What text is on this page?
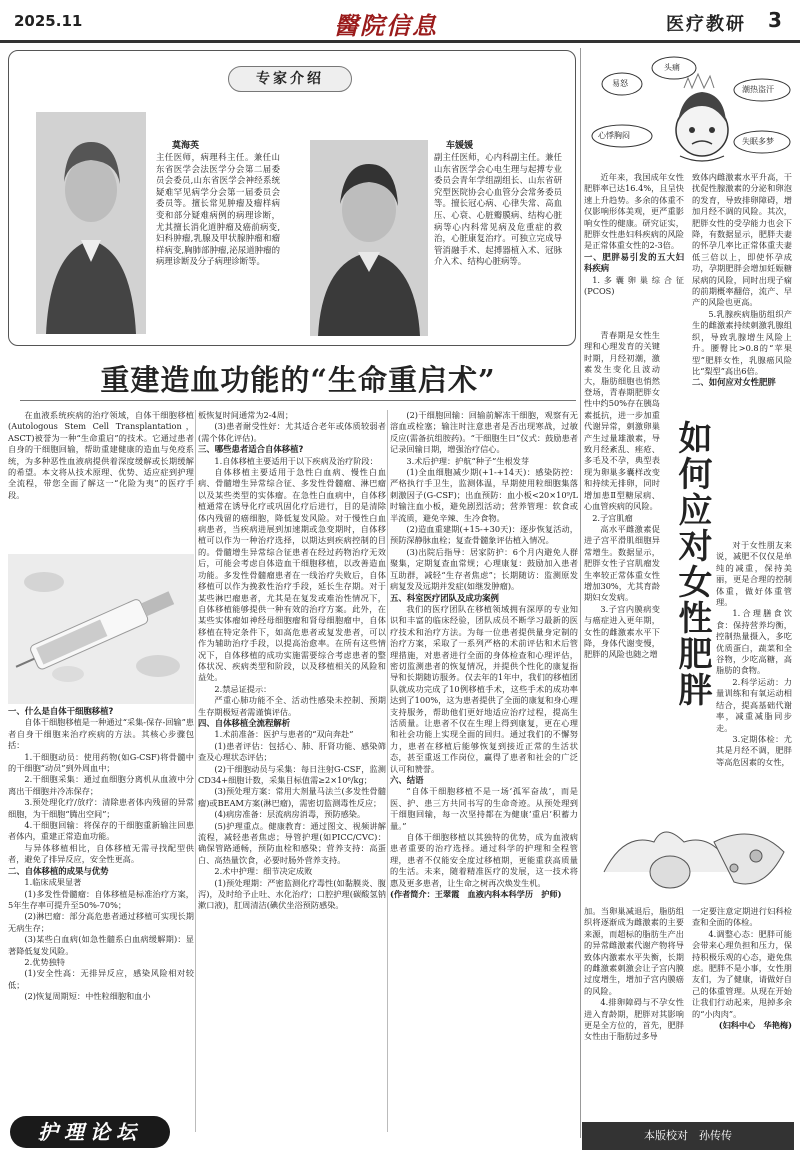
2025.11	醫院信息	医疗教研 3
专家介绍
莫海英
主任医师，病理科主任。兼任山东省医学会法医学分会第二届委员会委员,山东省医学会神经系统疑难罕见病学分会第一届委员会委员等。擅长常见肿瘤及瘤样病变和部分疑难病例的病理诊断，尤其擅长消化道肿瘤及癌前病变,妇科肿瘤,乳腺及甲状腺肿瘤和瘤样病变,胸肺部肿瘤,泌尿道肿瘤的病理诊断及分子病理诊断等。
车媛媛
副主任医师，心内科副主任。兼任山东省医学会心电生理与起搏专业委员会青年学组副组长、山东省研究型医院协会心血管分会常务委员等。擅长冠心病、心律失常、高血压、心衰、心脏瓣膜病、结构心脏病等心内科常见病及危重症的救治，心脏康复治疗。可独立完成导管消融手术、起搏器植入术、冠脉介入术、结构心脏病等。
头痛
易怒
潮热盗汗
心悸胸闷
失眠多梦

近年来，我国成年女性肥胖率已达16.4%，且呈快速上升趋势。多余的体重不仅影响形体美观，更严重影响女性的健康。研究证实，肥胖女性患妇科疾病的风险是正常体重女性的2-3倍。

一、肥胖易引发的五大妇科疾病
1.多囊卵巢综合征(PCOS)

青春期是女性生理和心理发育的关键时期，月经初潮，激素发生变化且波动大，脂肪细胞也悄然登场，青春期肥胖女性中约50%存在胰岛素抵抗，进一步加重代谢异常，刺激卵巢产生过量雄激素，导致月经紊乱、痤疮、多毛及不孕，典型表现为卵巢多囊样改变和持续无排卵，同时增加患Ⅱ型糖尿病、心血管疾病的风险。

2.子宫肌瘤

高水平雌激素促进子宫平滑肌细胞异常增生。数据显示，肥胖女性子宫肌瘤发生率较正常体重女性增加30%，尤其育龄期妇女发病。

3.子宫内膜病变与癌症进入更年期，女性的雌激素水平下降，身体代谢变慢，肥胖的风险也随之增

致体内雌激素水平升高，干扰促性腺激素的分泌和卵泡的发育，导致排卵障碍，增加月经不调的风险。其次，肥胖女性的受孕能力也会下降，有数据显示，肥胖夫妻的怀孕几率比正常体重夫妻低三倍以上，即使怀孕成功，孕期肥胖会增加妊娠糖尿病的风险，同时出现子痫的前期概率翻倍，流产、早产的风险也更高。

5.乳腺疾病脂肪组织产生的雌激素持续刺激乳腺组织，导致乳腺增生风险上升。腰臀比>0.8的“苹果型”肥胖女性，乳腺癌风险比“梨型”高出6倍。

二、如何应对女性肥胖

对于女性朋友来说，减肥不仅仅是单纯的减重，保持美丽，更是合理的控制体重，做好体重管理。

1.合理膳食饮食：保持营养均衡，控制热量摄入，多吃优质蛋白，蔬菜和全谷物，少吃高糖，高脂肪的食物。

2.科学运动：力量训练和有氧运动相结合，提高基础代谢率，减重减脂同步走。

3.定期体检：尤其是月经不调，肥胖等高危因素的女性，

如何应对女性肥胖

加。当卵巢减退后，脂肪组织将逐渐成为雌激素的主要来源，而超标的脂肪生产出的异常雌激素代谢产物将导致体内激素水平失衡，长期的雌激素刺激会让子宫内膜过度增生，增加子宫内膜癌的风险。

4.排卵障碍与不孕女性进入育龄期，肥胖对其影响更是全方位的，首先，肥胖女性由于脂肪过多导

一定要注意定期进行妇科检查和全面的体检。

4.调整心态：肥胖可能会带来心理负担和压力，保持积极乐观的心态，避免焦虑。肥胖不是小事，女性朋友们，为了健康，请做好自己的体重管理。从现在开始让我们行动起来，甩掉多余的“小肉肉”。

(妇科中心　华艳梅)
重建造血功能的“生命重启术”

在血液系统疾病的治疗领域，自体干细胞移植(Autologous Stem Cell Transplantation，ASCT)被誉为一种“生命重启”的技术。它通过患者自身的干细胞回输，帮助重建健康的造血与免疫系统，为多种恶性血液病提供着深度缓解或长期缓解的希望。本文将从技术原理、优势、适应症到护理全流程，带您全面了解这一“化险为夷”的医疗手段。

一、什么是自体干细胞移植?

自体干细胞移植是一种通过“采集-保存-回输”患者自身干细胞来治疗疾病的方法。其核心步骤包括：

1.干细胞动员：使用药物(如G-CSF)将骨髓中的干细胞“动员”到外周血中；

2.干细胞采集：通过血细胞分离机从血液中分离出干细胞并冷冻保存；

3.预处理化疗/放疗：清除患者体内残留的异常细胞，为干细胞“腾出空间”；

4.干细胞回输：将保存的干细胞重新输注回患者体内，重建正常造血功能。

与异体移植相比，自体移植无需寻找配型供者，避免了排异反应，安全性更高。

二、自体移植的成果与优势

1.临床成果显著

(1)多发性骨髓瘤：自体移植是标准治疗方案，5年生存率可提升至50%-70%；

(2)淋巴瘤：部分高危患者通过移植可实现长期无病生存；

(3)某些白血病(如急性髓系白血病缓解期)：显著降低复发风险。

2.优势独特

(1)安全性高：无排异反应，感染风险相对较低；

(2)恢复周期短：中性粒细胞和血小

板恢复时间通常为2-4周；

(3)患者耐受性好：尤其适合老年或体质较弱者(需个体化评估)。

三、哪些患者适合自体移植?

1.自体移植主要适用于以下疾病及治疗阶段：

自体移植主要适用于急性白血病、慢性白血病、骨髓增生异常综合征、多发性骨髓瘤、淋巴瘤以及某些类型的实体瘤。在急性白血病中，自体移植通常在诱导化疗或巩固化疗后进行，目的是清除体内残留的癌细胞，降低复发风险。对于慢性白血病患者，当疾病进展到加速期或急变期时，自体移植可以作为一种治疗选择，以期达到疾病控制的目的。骨髓增生异常综合征患者在经过药物治疗无效后，可能会考虑自体造血干细胞移植，以改善造血功能。多发性骨髓瘤患者在一线治疗失败后，自体移植可以作为挽救性治疗手段，延长生存期。对于某些淋巴瘤患者，尤其是在复发或难治性情况下，自体移植能够提供一种有效的治疗方案。此外，在某些实体瘤如神经母细胞瘤和肾母细胞瘤中，自体移植在特定条件下，如高危患者或复发患者，可以作为辅助治疗手段，以提高治愈率。在所有这些情况下，自体移植的成功实施需要综合考虑患者的整体状况、疾病类型和阶段，以及移植相关的风险和益处。

2.禁忌证提示：

严重心肺功能不全、活动性感染未控制、预期生存期极短者需谨慎评估。

四、自体移植全流程解析

1.术前准备：医护与患者的“双向奔赴”

(1)患者评估：包括心、肺、肝肾功能、感染筛查及心理状态评估；

(2)干细胞动员与采集：每日注射G-CSF，监测CD34+细胞计数，采集目标值需≥2×10⁶/kg；

(3)预处理方案：常用大剂量马法兰(多发性骨髓瘤)或BEAM方案(淋巴瘤)，需密切监测毒性反应；

(4)病房准备：层流病房消毒，预防感染。

(5)护理重点。健康教育：通过图文、视频讲解流程，减轻患者焦虑；导管护理(如PICC/CVC)：确保管路通畅，预防血栓和感染；营养支持：高蛋白、高热量饮食，必要时肠外营养支持。

2.术中护理：细节决定成败

(1)预处理期：严密监测化疗毒性(如黏膜炎、腹泻)，及时给予止吐、水化治疗；口腔护理(碳酸氢钠漱口液)，肛周清洁(碘伏坐浴预防感染。

(2)干细胞回输：回输前解冻干细胞，观察有无溶血或栓塞；输注时注意患者是否出现寒战，过敏反应(需备抗组胺药)。“干细胞生日”仪式：鼓励患者记录回输日期，增强治疗信心。

3.术后护理：护航“种子”生根发芽

(1)全血细胞减少期(+1-+14天)：感染防控：严格执行手卫生，监测体温，早期使用粒细胞集落刺激因子(G-CSF)；出血预防：血小板<20×10⁹/L时输注血小板，避免剧烈活动；营养管理：软食或半流质，避免辛辣、生冷食物。

(2)造血重建期(+15-+30天)：逐步恢复活动，预防深静脉血栓；复查骨髓象评估植入情况。

(3)出院后指导：居家防护：6个月内避免人群聚集，定期复查血常规；心理康复：鼓励加入患者互助群，减轻“生存者焦虑”；长期随访：监测原发病复发及远期并发症(如继发肿瘤)。

五、科室医疗团队及成功案例

我们的医疗团队在移植领域拥有深厚的专业知识和丰富的临床经验，团队成员不断学习最新的医疗技术和治疗方法。为每一位患者提供量身定制的治疗方案，采取了一系列严格的术前评估和术后管理措施，对患者进行全面的身体检查和心理评估，密切监测患者的恢复情况，并提供个性化的康复指导和长期随访服务。仅去年的1年中，我们的移植团队就成功完成了10例移植手术，这些手术的成功率达到了100%，这为患者提供了全面的康复和身心理支持服务，帮助他们更好地适应治疗过程，提高生活质量。让患者不仅在生理上得到康复，更在心理和社会功能上实现全面的回归。通过我们的不懈努力，患者在移植后能够恢复到接近正常的生活状态，甚至重返工作岗位，赢得了患者和社会的广泛认可和赞誉。

六、结语

“自体干细胞移植不是一场‘孤军奋战’，而是医、护、患三方共同书写的生命奇迹。从预处理到干细胞回输，每一次坚持都在为健康‘重启’积蓄力量。”

自体干细胞移植以其独特的优势，成为血液病患者重要的治疗选择。通过科学的护理和全程管理，患者不仅能安全度过移植期，更能重获高质量的生活。未来，随着精准医疗的发展，这一技术将惠及更多患者，让生命之树再次焕发生机。

(作者简介：王翠霞　血液内科本科学历　护师)
护理论坛	本版校对　孙传传
